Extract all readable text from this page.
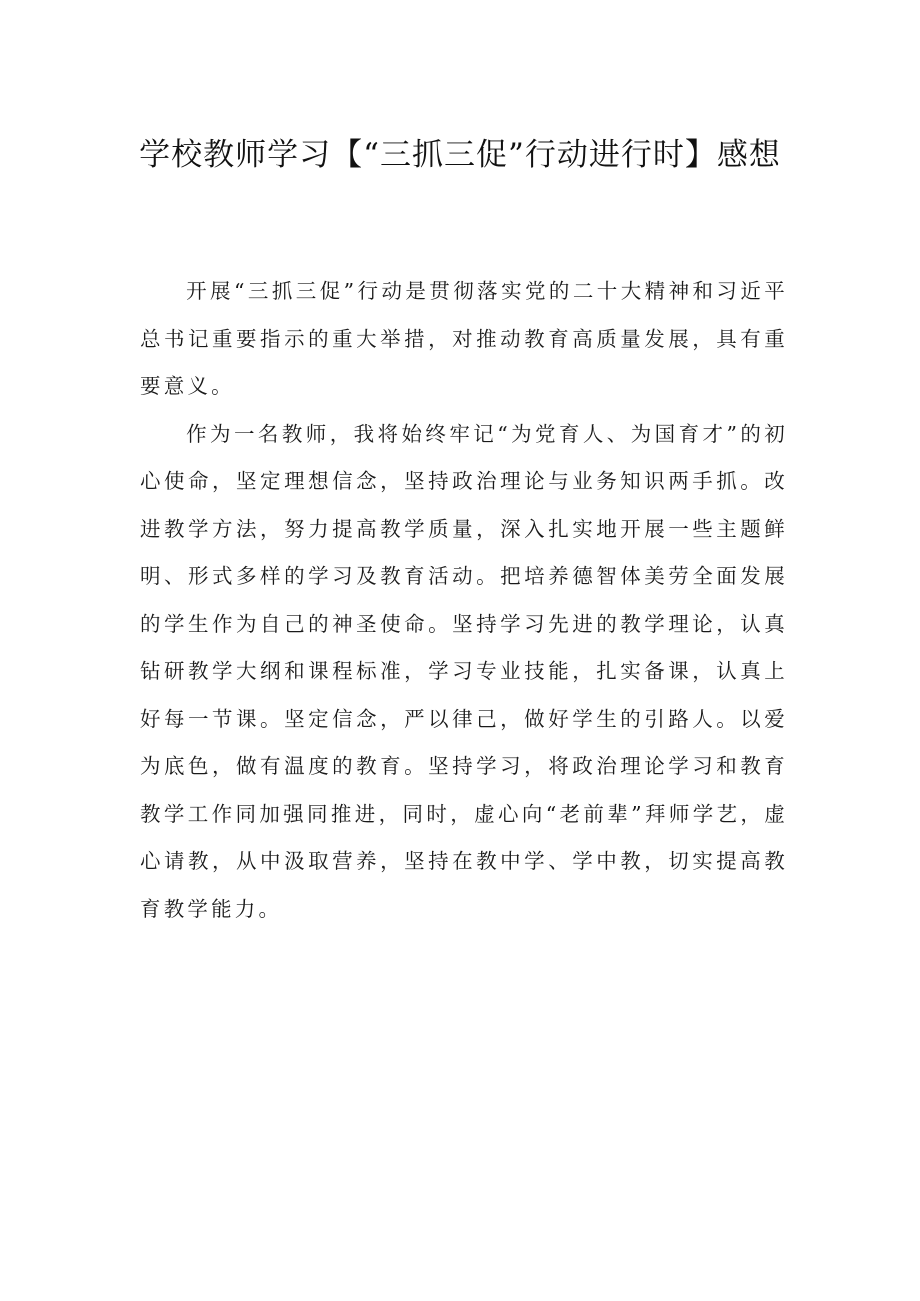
学校教师学习【“三抓三促”行动进行时】感想

开展“三抓三促”行动是贯彻落实党的二十大精神和习近平总书记重要指示的重大举措，对推动教育高质量发展，具有重要意义。

作为一名教师，我将始终牢记“为党育人、为国育才”的初心使命，坚定理想信念，坚持政治理论与业务知识两手抓。改进教学方法，努力提高教学质量，深入扎实地开展一些主题鲜明、形式多样的学习及教育活动。把培养德智体美劳全面发展的学生作为自己的神圣使命。坚持学习先进的教学理论，认真钻研教学大纲和课程标准，学习专业技能，扎实备课，认真上好每一节课。坚定信念，严以律己，做好学生的引路人。以爱为底色，做有温度的教育。坚持学习，将政治理论学习和教育教学工作同加强同推进，同时，虚心向“老前辈”拜师学艺，虚心请教，从中汲取营养，坚持在教中学、学中教，切实提高教育教学能力。
